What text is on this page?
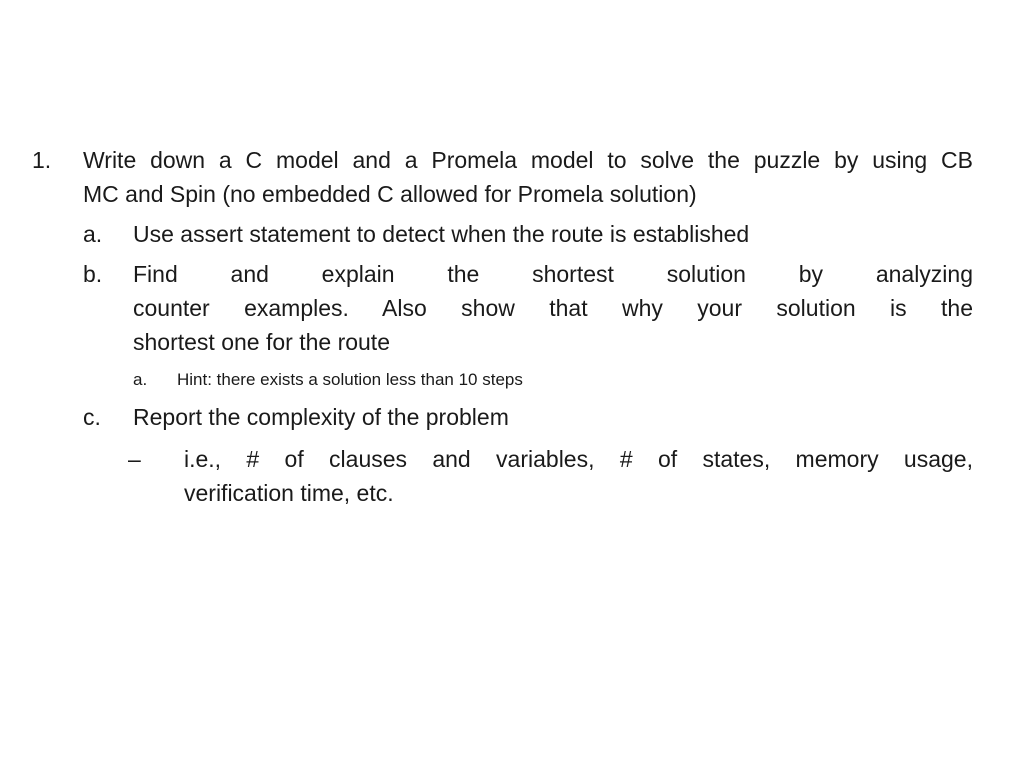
1. Write down a C model and a Promela model to solve the puzzle by using CB
MC and Spin (no embedded C allowed for Promela solution)
a. Use assert statement to detect when the route is established
b. Find and explain the shortest solution by analyzing
counter examples. Also show that why your solution is the
shortest one for the route
a. Hint: there exists a solution less than 10 steps
c. Report the complexity of the problem
– i.e., # of clauses and variables, # of states, memory usage,
verification time, etc.
